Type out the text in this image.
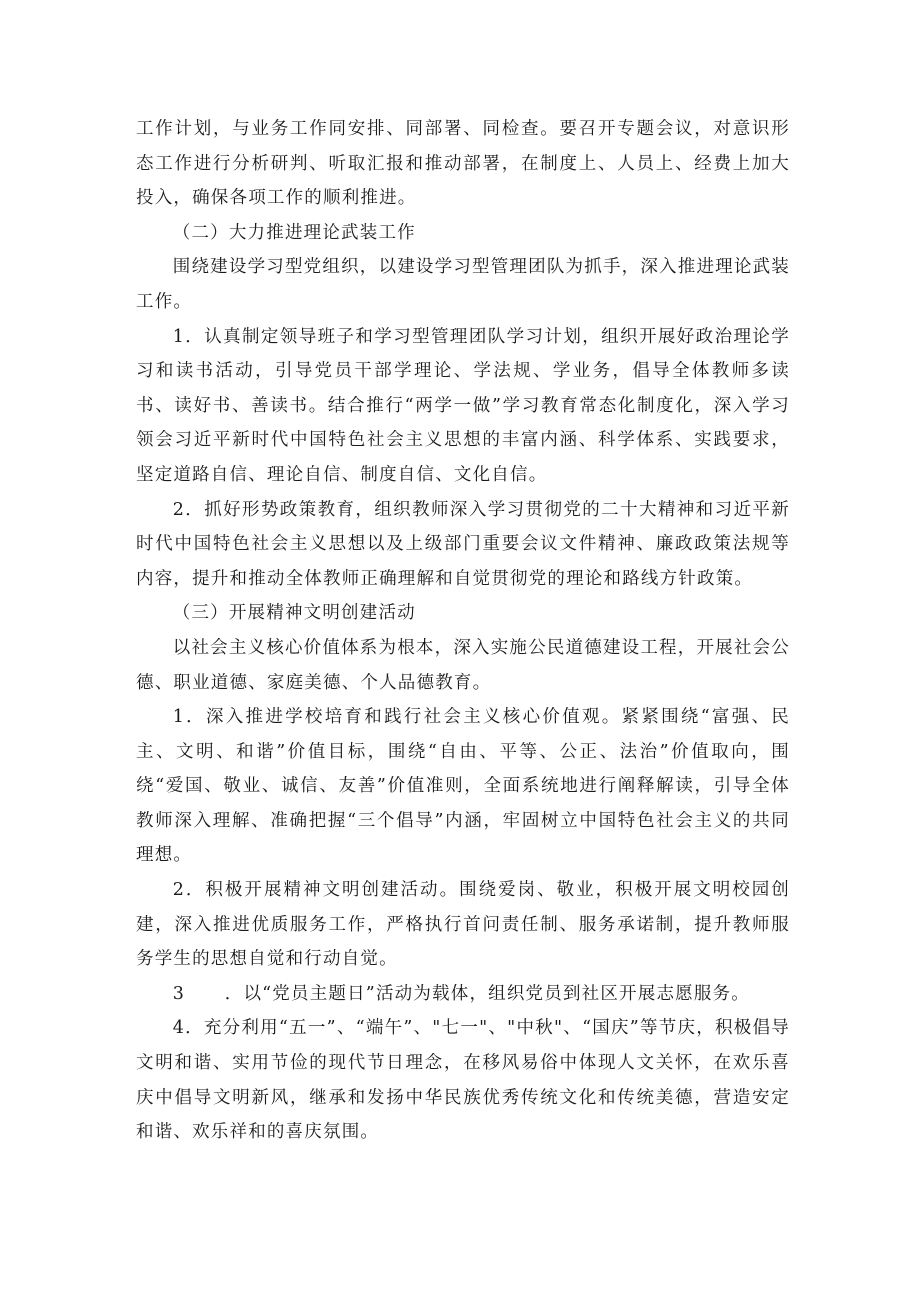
工作计划，与业务工作同安排、同部署、同检查。要召开专题会议，对意识形态工作进行分析研判、听取汇报和推动部署，在制度上、人员上、经费上加大投入，确保各项工作的顺利推进。

（二）大力推进理论武装工作

围绕建设学习型党组织，以建设学习型管理团队为抓手，深入推进理论武装工作。

1．认真制定领导班子和学习型管理团队学习计划，组织开展好政治理论学习和读书活动，引导党员干部学理论、学法规、学业务，倡导全体教师多读书、读好书、善读书。结合推行“两学一做”学习教育常态化制度化，深入学习领会习近平新时代中国特色社会主义思想的丰富内涵、科学体系、实践要求，坚定道路自信、理论自信、制度自信、文化自信。

2．抓好形势政策教育，组织教师深入学习贯彻党的二十大精神和习近平新时代中国特色社会主义思想以及上级部门重要会议文件精神、廉政政策法规等内容，提升和推动全体教师正确理解和自觉贯彻党的理论和路线方针政策。

（三）开展精神文明创建活动

以社会主义核心价值体系为根本，深入实施公民道德建设工程，开展社会公德、职业道德、家庭美德、个人品德教育。

1．深入推进学校培育和践行社会主义核心价值观。紧紧围绕“富强、民主、文明、和谐”价值目标，围绕“自由、平等、公正、法治”价值取向，围绕“爱国、敬业、诚信、友善”价值准则，全面系统地进行阐释解读，引导全体教师深入理解、准确把握“三个倡导”内涵，牢固树立中国特色社会主义的共同理想。

2．积极开展精神文明创建活动。围绕爱岗、敬业，积极开展文明校园创建，深入推进优质服务工作，严格执行首问责任制、服务承诺制，提升教师服务学生的思想自觉和行动自觉。

3 ．以“党员主题日”活动为载体，组织党员到社区开展志愿服务。

4．充分利用“五一”、“端午”、"七一"、"中秋"、“国庆”等节庆，积极倡导文明和谐、实用节俭的现代节日理念，在移风易俗中体现人文关怀，在欢乐喜庆中倡导文明新风，继承和发扬中华民族优秀传统文化和传统美德，营造安定和谐、欢乐祥和的喜庆氛围。
